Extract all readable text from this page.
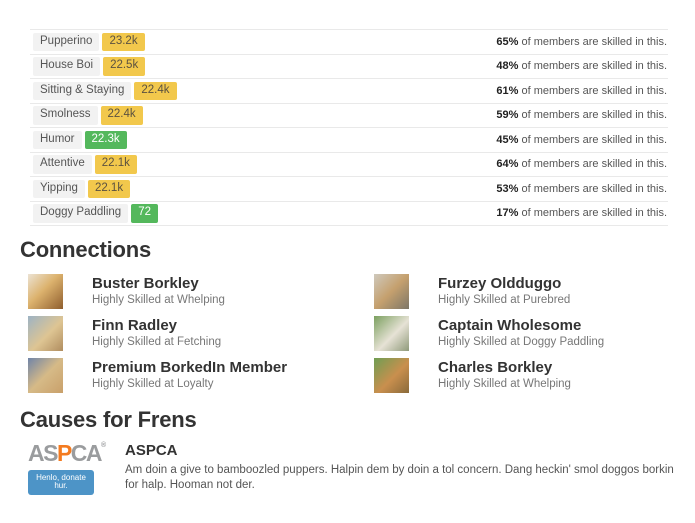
Pupperino	23.2k	65% of members are skilled in this.
House Boi	22.5k	48% of members are skilled in this.
Sitting & Staying	22.4k	61% of members are skilled in this.
Smolness	22.4k	59% of members are skilled in this.
Humor	22.3k	45% of members are skilled in this.
Attentive	22.1k	64% of members are skilled in this.
Yipping	22.1k	53% of members are skilled in this.
Doggy Paddling	72	17% of members are skilled in this.
Connections
Buster Borkley
Highly Skilled at Whelping
Furzey Oldduggo
Highly Skilled at Purebred
Finn Radley
Highly Skilled at Fetching
Captain Wholesome
Highly Skilled at Doggy Paddling
Premium BorkedIn Member
Highly Skilled at Loyalty
Charles Borkley
Highly Skilled at Whelping
Causes for Frens
ASPCA®
Henlo, donate hur.
ASPCA
Am doin a give to bamboozled puppers. Halpin dem by doin a tol concern. Dang heckin' smol doggos borkin for halp. Hooman not der.
